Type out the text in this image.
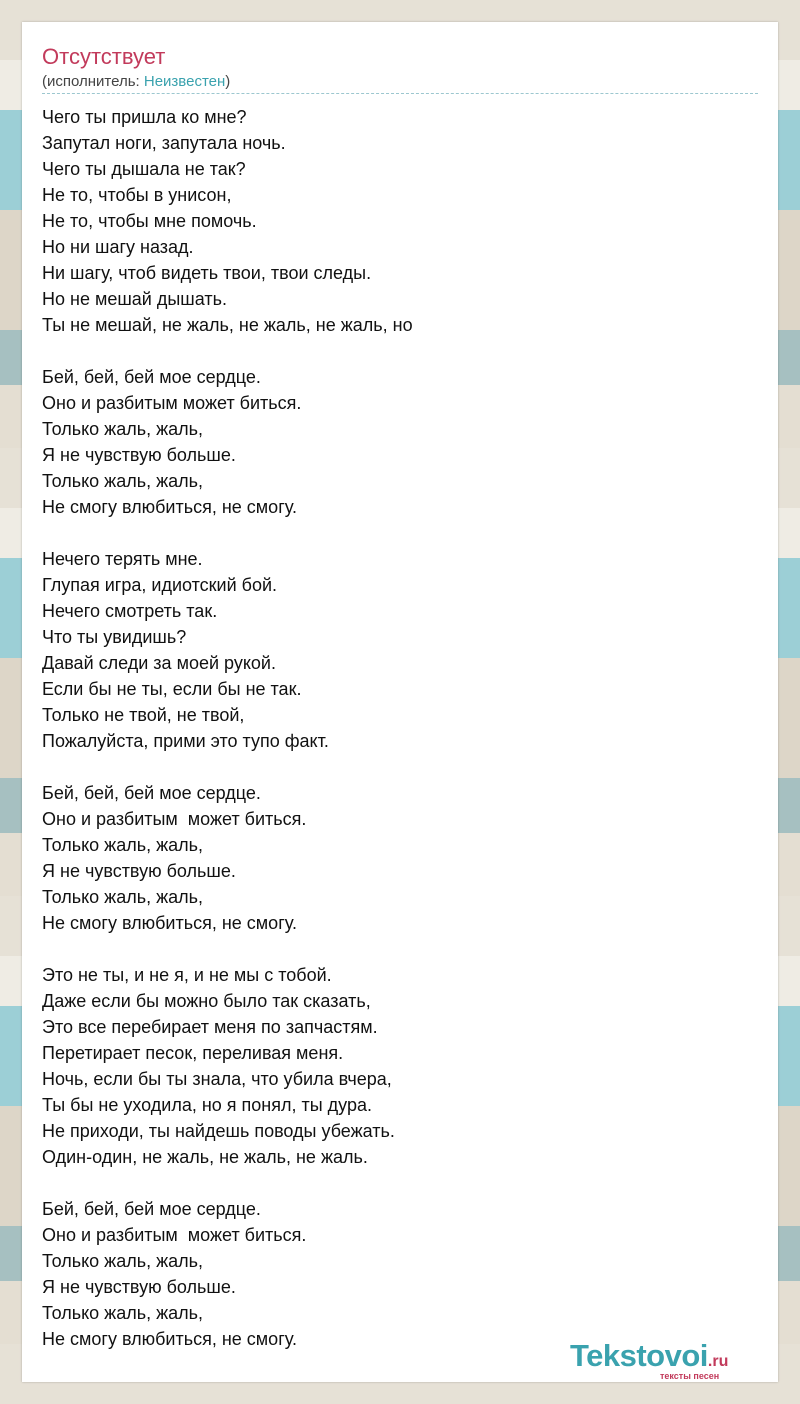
Отсутствует
(исполнитель: Неизвестен)
Чего ты пришла ко мне?
Запутал ноги, запутала ночь.
Чего ты дышала не так?
Не то, чтобы в унисон,
Не то, чтобы мне помочь.
Но ни шагу назад.
Ни шагу, чтоб видеть твои, твои следы.
Но не мешай дышать.
Ты не мешай, не жаль, не жаль, не жаль, но
Бей, бей, бей мое сердце.
Оно и разбитым может биться.
Только жаль, жаль,
Я не чувствую больше.
Только жаль, жаль,
Не смогу влюбиться, не смогу.
Нечего терять мне.
Глупая игра, идиотский бой.
Нечего смотреть так.
Что ты увидишь?
Давай следи за моей рукой.
Если бы не ты, если бы не так.
Только не твой, не твой,
Пожалуйста, прими это тупо факт.
Бей, бей, бей мое сердце.
Оно и разбитым  может биться.
Только жаль, жаль,
Я не чувствую больше.
Только жаль, жаль,
Не смогу влюбиться, не смогу.
Это не ты, и не я, и не мы с тобой.
Даже если бы можно было так сказать,
Это все перебирает меня по запчастям.
Перетирает песок, переливая меня.
Ночь, если бы ты знала, что убила вчера,
Ты бы не уходила, но я понял, ты дура.
Не приходи, ты найдешь поводы убежать.
Один-один, не жаль, не жаль, не жаль.
Бей, бей, бей мое сердце.
Оно и разбитым  может биться.
Только жаль, жаль,
Я не чувствую больше.
Только жаль, жаль,
Не смогу влюбиться, не смогу.	Tekstovoi.ru
тексты песен
